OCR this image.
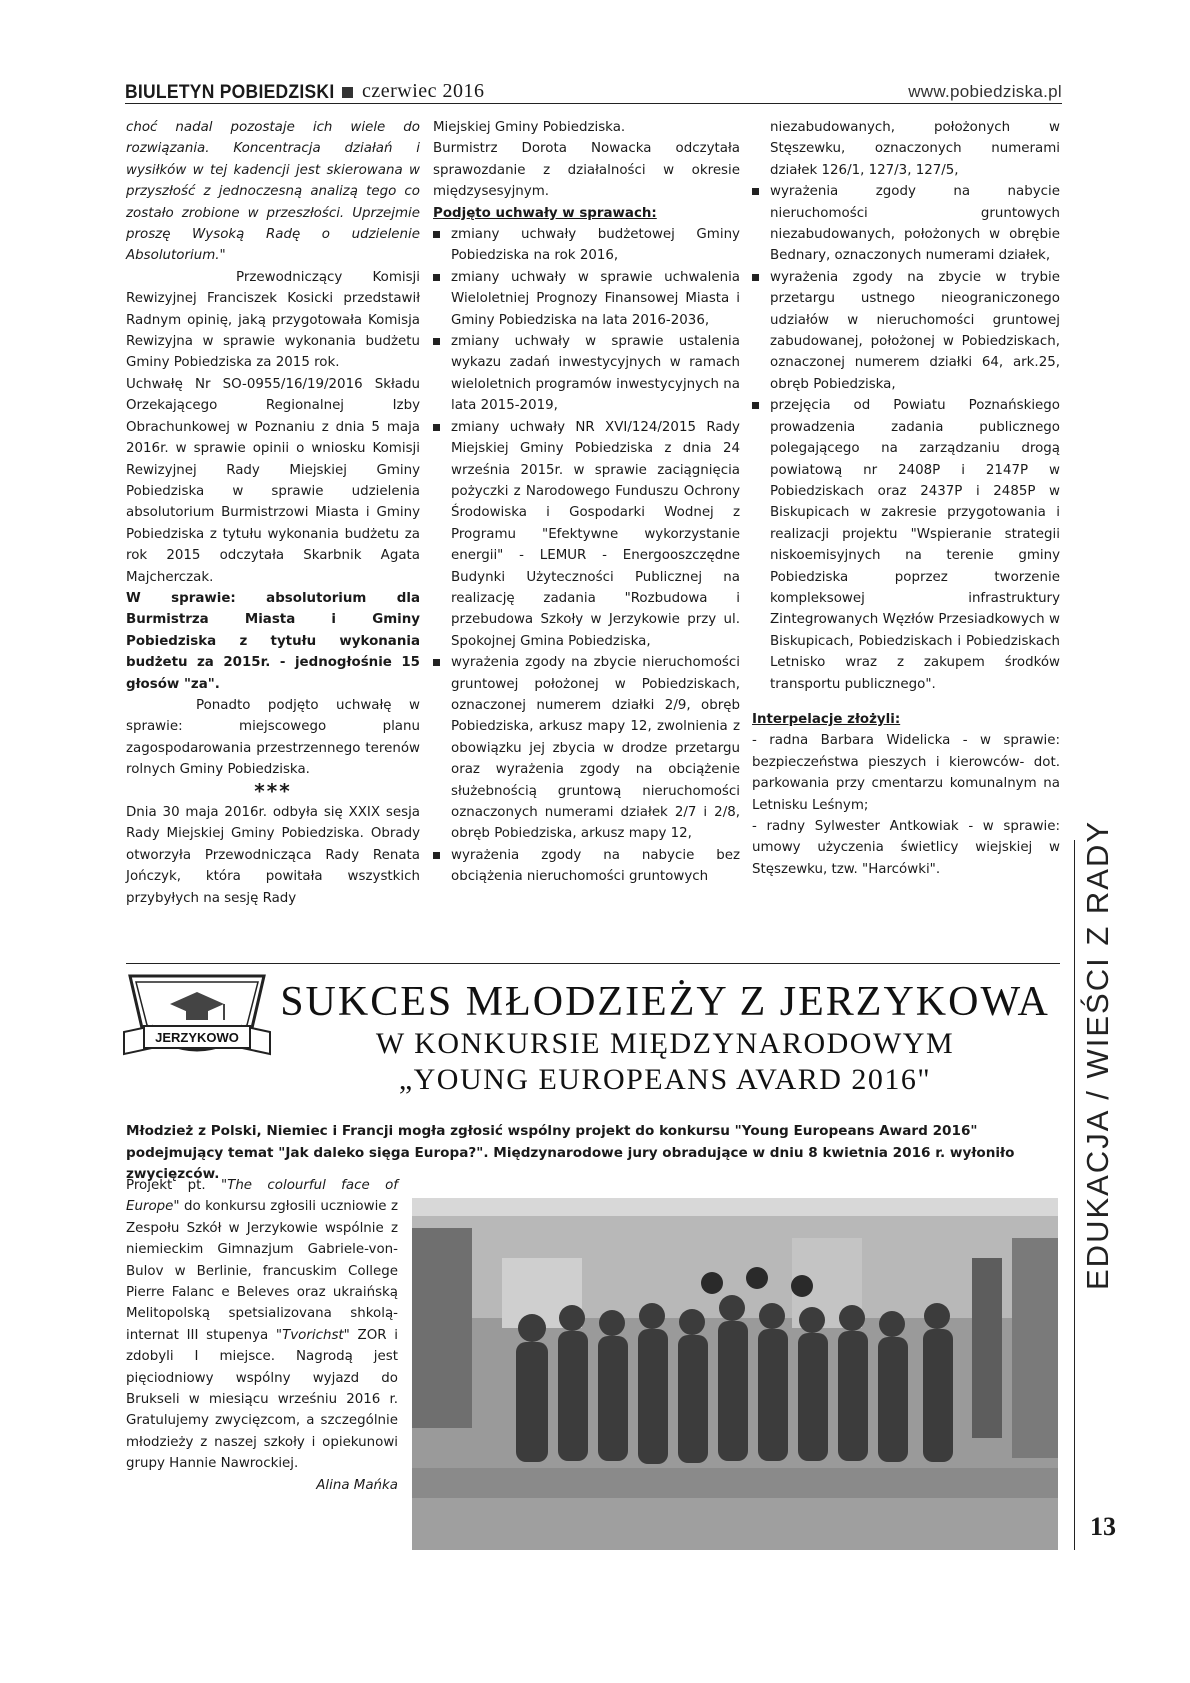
BIULETYN POBIEDZISKI czerwiec 2016	www.pobiedziska.pl

choć nadal pozostaje ich wiele do rozwiązania. Koncentracja działań i wysiłków w tej kadencji jest skierowana w przyszłość z jednoczesną analizą tego co zostało zrobione w przeszłości. Uprzejmie proszę Wysoką Radę o udzielenie Absolutorium."

Przewodniczący Komisji Rewizyjnej Franciszek Kosicki przedstawił Radnym opinię, jaką przygotowała Komisja Rewizyjna w sprawie wykonania budżetu Gminy Pobiedziska za 2015 rok.

Uchwałę Nr SO-0955/16/19/2016 Składu Orzekającego Regionalnej Izby Obrachunkowej w Poznaniu z dnia 5 maja 2016r. w sprawie opinii o wniosku Komisji Rewizyjnej Rady Miejskiej Gminy Pobiedziska w sprawie udzielenia absolutorium Burmistrzowi Miasta i Gminy Pobiedziska z tytułu wykonania budżetu za rok 2015 odczytała Skarbnik Agata Majcherczak.

W sprawie: absolutorium dla Burmistrza Miasta i Gminy Pobiedziska z tytułu wykonania budżetu za 2015r. - jednogłośnie 15 głosów "za".

Ponadto podjęto uchwałę w sprawie: miejscowego planu zagospodarowania przestrzennego terenów rolnych Gminy Pobiedziska.

***

Dnia 30 maja 2016r. odbyła się XXIX sesja Rady Miejskiej Gminy Pobiedziska. Obrady otworzyła Przewodnicząca Rady Renata Jończyk, która powitała wszystkich przybyłych na sesję Rady

Miejskiej Gminy Pobiedziska.

Burmistrz Dorota Nowacka odczytała sprawozdanie z działalności w okresie międzysesyjnym.

Podjęto uchwały w sprawach:

zmiany uchwały budżetowej Gminy Pobiedziska na rok 2016,

zmiany uchwały w sprawie uchwalenia Wieloletniej Prognozy Finansowej Miasta i Gminy Pobiedziska na lata 2016-2036,

zmiany uchwały w sprawie ustalenia wykazu zadań inwestycyjnych w ramach wieloletnich programów inwestycyjnych na lata 2015-2019,

zmiany uchwały NR XVI/124/2015 Rady Miejskiej Gminy Pobiedziska z dnia 24 września 2015r. w sprawie zaciągnięcia pożyczki z Narodowego Funduszu Ochrony Środowiska i Gospodarki Wodnej z Programu "Efektywne wykorzystanie energii" - LEMUR - Energooszczędne Budynki Użyteczności Publicznej na realizację zadania "Rozbudowa i przebudowa Szkoły w Jerzykowie przy ul. Spokojnej Gmina Pobiedziska,

wyrażenia zgody na zbycie nieruchomości gruntowej położonej w Pobiedziskach, oznaczonej numerem działki 2/9, obręb Pobiedziska, arkusz mapy 12, zwolnienia z obowiązku jej zbycia w drodze przetargu oraz wyrażenia zgody na obciążenie służebnością gruntową nieruchomości oznaczonych numerami działek 2/7 i 2/8, obręb Pobiedziska, arkusz mapy 12,

wyrażenia zgody na nabycie bez obciążenia nieruchomości gruntowych

niezabudowanych, położonych w Stęszewku, oznaczonych numerami działek 126/1, 127/3, 127/5,

wyrażenia zgody na nabycie nieruchomości gruntowych niezabudowanych, położonych w obrębie Bednary, oznaczonych numerami działek,

wyrażenia zgody na zbycie w trybie przetargu ustnego nieograniczonego udziałów w nieruchomości gruntowej zabudowanej, położonej w Pobiedziskach, oznaczonej numerem działki 64, ark.25, obręb Pobiedziska,

przejęcia od Powiatu Poznańskiego prowadzenia zadania publicznego polegającego na zarządzaniu drogą powiatową nr 2408P i 2147P w Pobiedziskach oraz 2437P i 2485P w Biskupicach w zakresie przygotowania i realizacji projektu "Wspieranie strategii niskoemisyjnych na terenie gminy Pobiedziska poprzez tworzenie kompleksowej infrastruktury Zintegrowanych Węzłów Przesiadkowych w Biskupicach, Pobiedziskach i Pobiedziskach Letnisko wraz z zakupem środków transportu publicznego".

Interpelacje złożyli:

- radna Barbara Widelicka - w sprawie: bezpieczeństwa pieszych i kierowców- dot. parkowania przy cmentarzu komunalnym na Letnisku Leśnym;

- radny Sylwester Antkowiak - w sprawie: umowy użyczenia świetlicy wiejskiej w Stęszewku, tzw. "Harcówki".	EDUKACJA / WIEŚCI Z RADY
13
JERZYKOWO
SUKCES MŁODZIEŻY Z JERZYKOWA
W KONKURSIE MIĘDZYNARODOWYM
„YOUNG EUROPEANS AVARD 2016"
Młodzież z Polski, Niemiec i Francji mogła zgłosić wspólny projekt do konkursu "Young Europeans Award 2016" podejmujący temat "Jak daleko sięga Europa?". Międzynarodowe jury obradujące w dniu 8 kwietnia 2016 r. wyłoniło zwycięzców.

Projekt pt. "The colourful face of Europe" do konkursu zgłosili uczniowie z Zespołu Szkół w Jerzykowie wspólnie z niemieckim Gimnazjum Gabriele-von-Bulov w Berlinie, francuskim College Pierre Falanc e Beleves oraz ukraińską Melitopolską spetsializovana shkolą-internat III stupenya "Tvorichst" ZOR i zdobyli I miejsce. Nagrodą jest pięciodniowy wspólny wyjazd do Brukseli w miesiącu wrześniu 2016 r. Gratulujemy zwycięzcom, a szczególnie młodzieży z naszej szkoły i opiekunowi grupy Hannie Nawrockiej.

Alina Mańka
